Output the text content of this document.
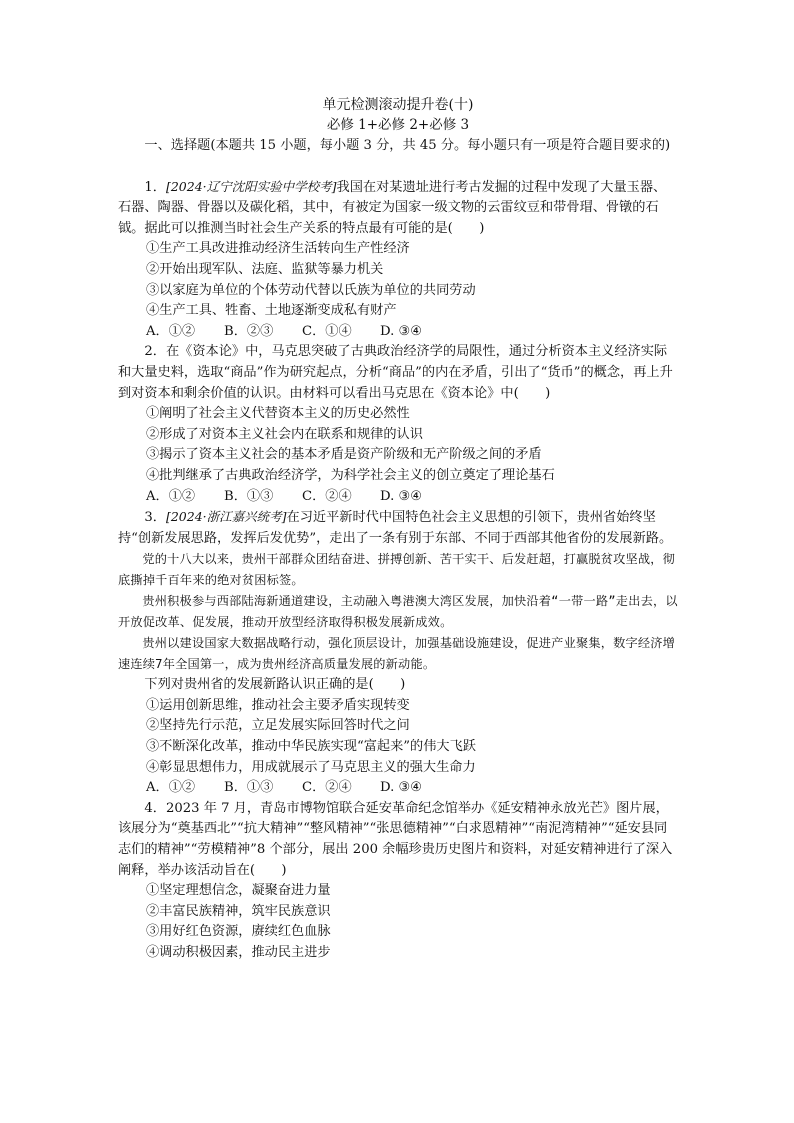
单元检测滚动提升卷(十)
必修 1+必修 2+必修 3
一、选择题(本题共 15 小题，每小题 3 分，共 45 分。每小题只有一项是符合题目要求的)
1．[2024·辽宁沈阳实验中学校考]我国在对某遗址进行考古发掘的过程中发现了大量玉器、石器、陶器、骨器以及碳化稻，其中，有被定为国家一级文物的云雷纹豆和带骨瑁、骨镦的石钺。据此可以推测当时社会生产关系的特点最有可能的是(　　)
①生产工具改进推动经济生活转向生产性经济
②开始出现军队、法庭、监狱等暴力机关
③以家庭为单位的个体劳动代替以氏族为单位的共同劳动
④生产工具、牲畜、土地逐渐变成私有财产
A．①②	B．②③	C．①④	D. ③④
2．在《资本论》中，马克思突破了古典政治经济学的局限性，通过分析资本主义经济实际和大量史料，选取“商品”作为研究起点，分析“商品”的内在矛盾，引出了“货币”的概念，再上升到对资本和剩余价值的认识。由材料可以看出马克思在《资本论》中(　　)
①阐明了社会主义代替资本主义的历史必然性
②形成了对资本主义社会内在联系和规律的认识
③揭示了资本主义社会的基本矛盾是资产阶级和无产阶级之间的矛盾
④批判继承了古典政治经济学，为科学社会主义的创立奠定了理论基石
A．①②	B．①③	C．②④	D. ③④
3．[2024·浙江嘉兴统考]在习近平新时代中国特色社会主义思想的引领下，贵州省始终坚持“创新发展思路，发挥后发优势”，走出了一条有别于东部、不同于西部其他省份的发展新路。
党的十八大以来，贵州干部群众团结奋进、拼搏创新、苦干实干、后发赶超，打赢脱贫攻坚战，彻底撕掉千百年来的绝对贫困标签。
贵州积极参与西部陆海新通道建设，主动融入粤港澳大湾区发展，加快沿着“一带一路”走出去，以开放促改革、促发展，推动开放型经济取得积极发展新成效。
贵州以建设国家大数据战略行动，强化顶层设计，加强基础设施建设，促进产业聚集，数字经济增速连续7年全国第一，成为贵州经济高质量发展的新动能。
下列对贵州省的发展新路认识正确的是(　　)
①运用创新思维，推动社会主要矛盾实现转变
②坚持先行示范，立足发展实际回答时代之问
③不断深化改革，推动中华民族实现“富起来”的伟大飞跃
④彰显思想伟力，用成就展示了马克思主义的强大生命力
A．①②	B．①③	C．②④	D. ③④
4．2023 年 7 月，青岛市博物馆联合延安革命纪念馆举办《延安精神永放光芒》图片展，该展分为“奠基西北”“抗大精神”“整风精神”“张思德精神”“白求恩精神”“南泥湾精神”“延安县同志们的精神”“劳模精神”8 个部分，展出 200 余幅珍贵历史图片和资料，对延安精神进行了深入阐释，举办该活动旨在(　　)
①坚定理想信念，凝聚奋进力量
②丰富民族精神，筑牢民族意识
③用好红色资源，赓续红色血脉
④调动积极因素，推动民主进步
